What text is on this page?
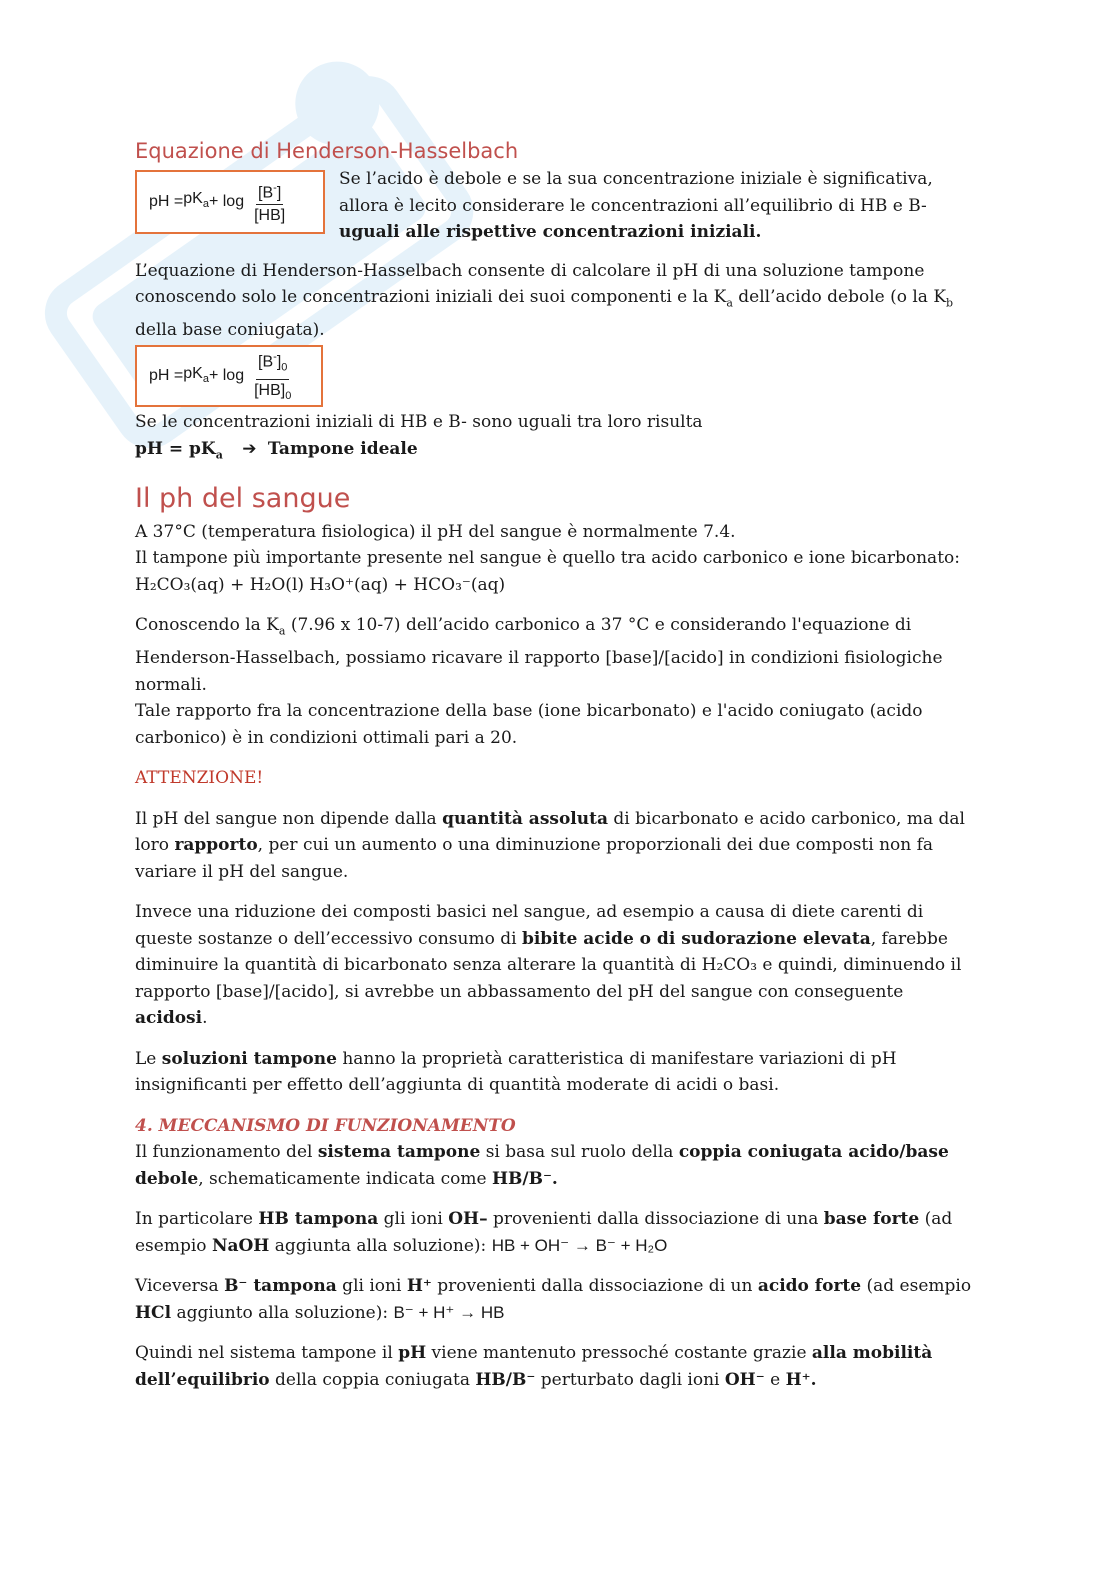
Equazione di Henderson-Hasselbach
pH = $pK_a + \log \frac{[B^-]}{[HB]}$	Se l’acido è debole e se la sua concentrazione iniziale è significativa, allora è lecito considerare le concentrazioni all’equilibrio di HB e B- uguali alle rispettive concentrazioni iniziali.

L’equazione di Henderson-Hasselbach consente di calcolare il pH di una soluzione tampone conoscendo solo le concentrazioni iniziali dei suoi componenti e la $K_a$ dell’acido debole (o la $K_b$ della base coniugata).

pH = $pK_a + \log \frac{[B^-]_0}{[HB]_0}$

Se le concentrazioni iniziali di HB e B- sono uguali tra loro risulta

pH = $pK_a$ ➔ Tampone ideale

Il ph del sangue

A 37°C (temperatura fisiologica) il pH del sangue è normalmente 7.4.

Il tampone più importante presente nel sangue è quello tra acido carbonico e ione bicarbonato:

H₂CO₃(aq) + H₂O(l) H₃O⁺(aq) + HCO₃⁻(aq)

Conoscendo la $K_a$ (7.96 x 10-7) dell’acido carbonico a 37 °C e considerando l'equazione di Henderson-Hasselbach, possiamo ricavare il rapporto [base]/[acido] in condizioni fisiologiche normali.

Tale rapporto fra la concentrazione della base (ione bicarbonato) e l'acido coniugato (acido carbonico) è in condizioni ottimali pari a 20.

ATTENZIONE!

Il pH del sangue non dipende dalla quantità assoluta di bicarbonato e acido carbonico, ma dal loro rapporto, per cui un aumento o una diminuzione proporzionali dei due composti non fa variare il pH del sangue.

Invece una riduzione dei composti basici nel sangue, ad esempio a causa di diete carenti di queste sostanze o dell’eccessivo consumo di bibite acide o di sudorazione elevata, farebbe diminuire la quantità di bicarbonato senza alterare la quantità di H₂CO₃ e quindi, diminuendo il rapporto [base]/[acido], si avrebbe un abbassamento del pH del sangue con conseguente acidosi.

Le soluzioni tampone hanno la proprietà caratteristica di manifestare variazioni di pH insignificanti per effetto dell’aggiunta di quantità moderate di acidi o basi.

4. MECCANISMO DI FUNZIONAMENTO

Il funzionamento del sistema tampone si basa sul ruolo della coppia coniugata acido/base debole, schematicamente indicata come HB/B⁻.

In particolare HB tampona gli ioni OH– provenienti dalla dissociazione di una base forte (ad esempio NaOH aggiunta alla soluzione): HB + OH⁻ → B⁻ + H₂O

Viceversa B⁻ tampona gli ioni H⁺ provenienti dalla dissociazione di un acido forte (ad esempio HCl aggiunto alla soluzione): B⁻ + H⁺ → HB

Quindi nel sistema tampone il pH viene mantenuto pressoché costante grazie alla mobilità dell’equilibrio della coppia coniugata HB/B⁻ perturbato dagli ioni OH⁻ e H⁺.
